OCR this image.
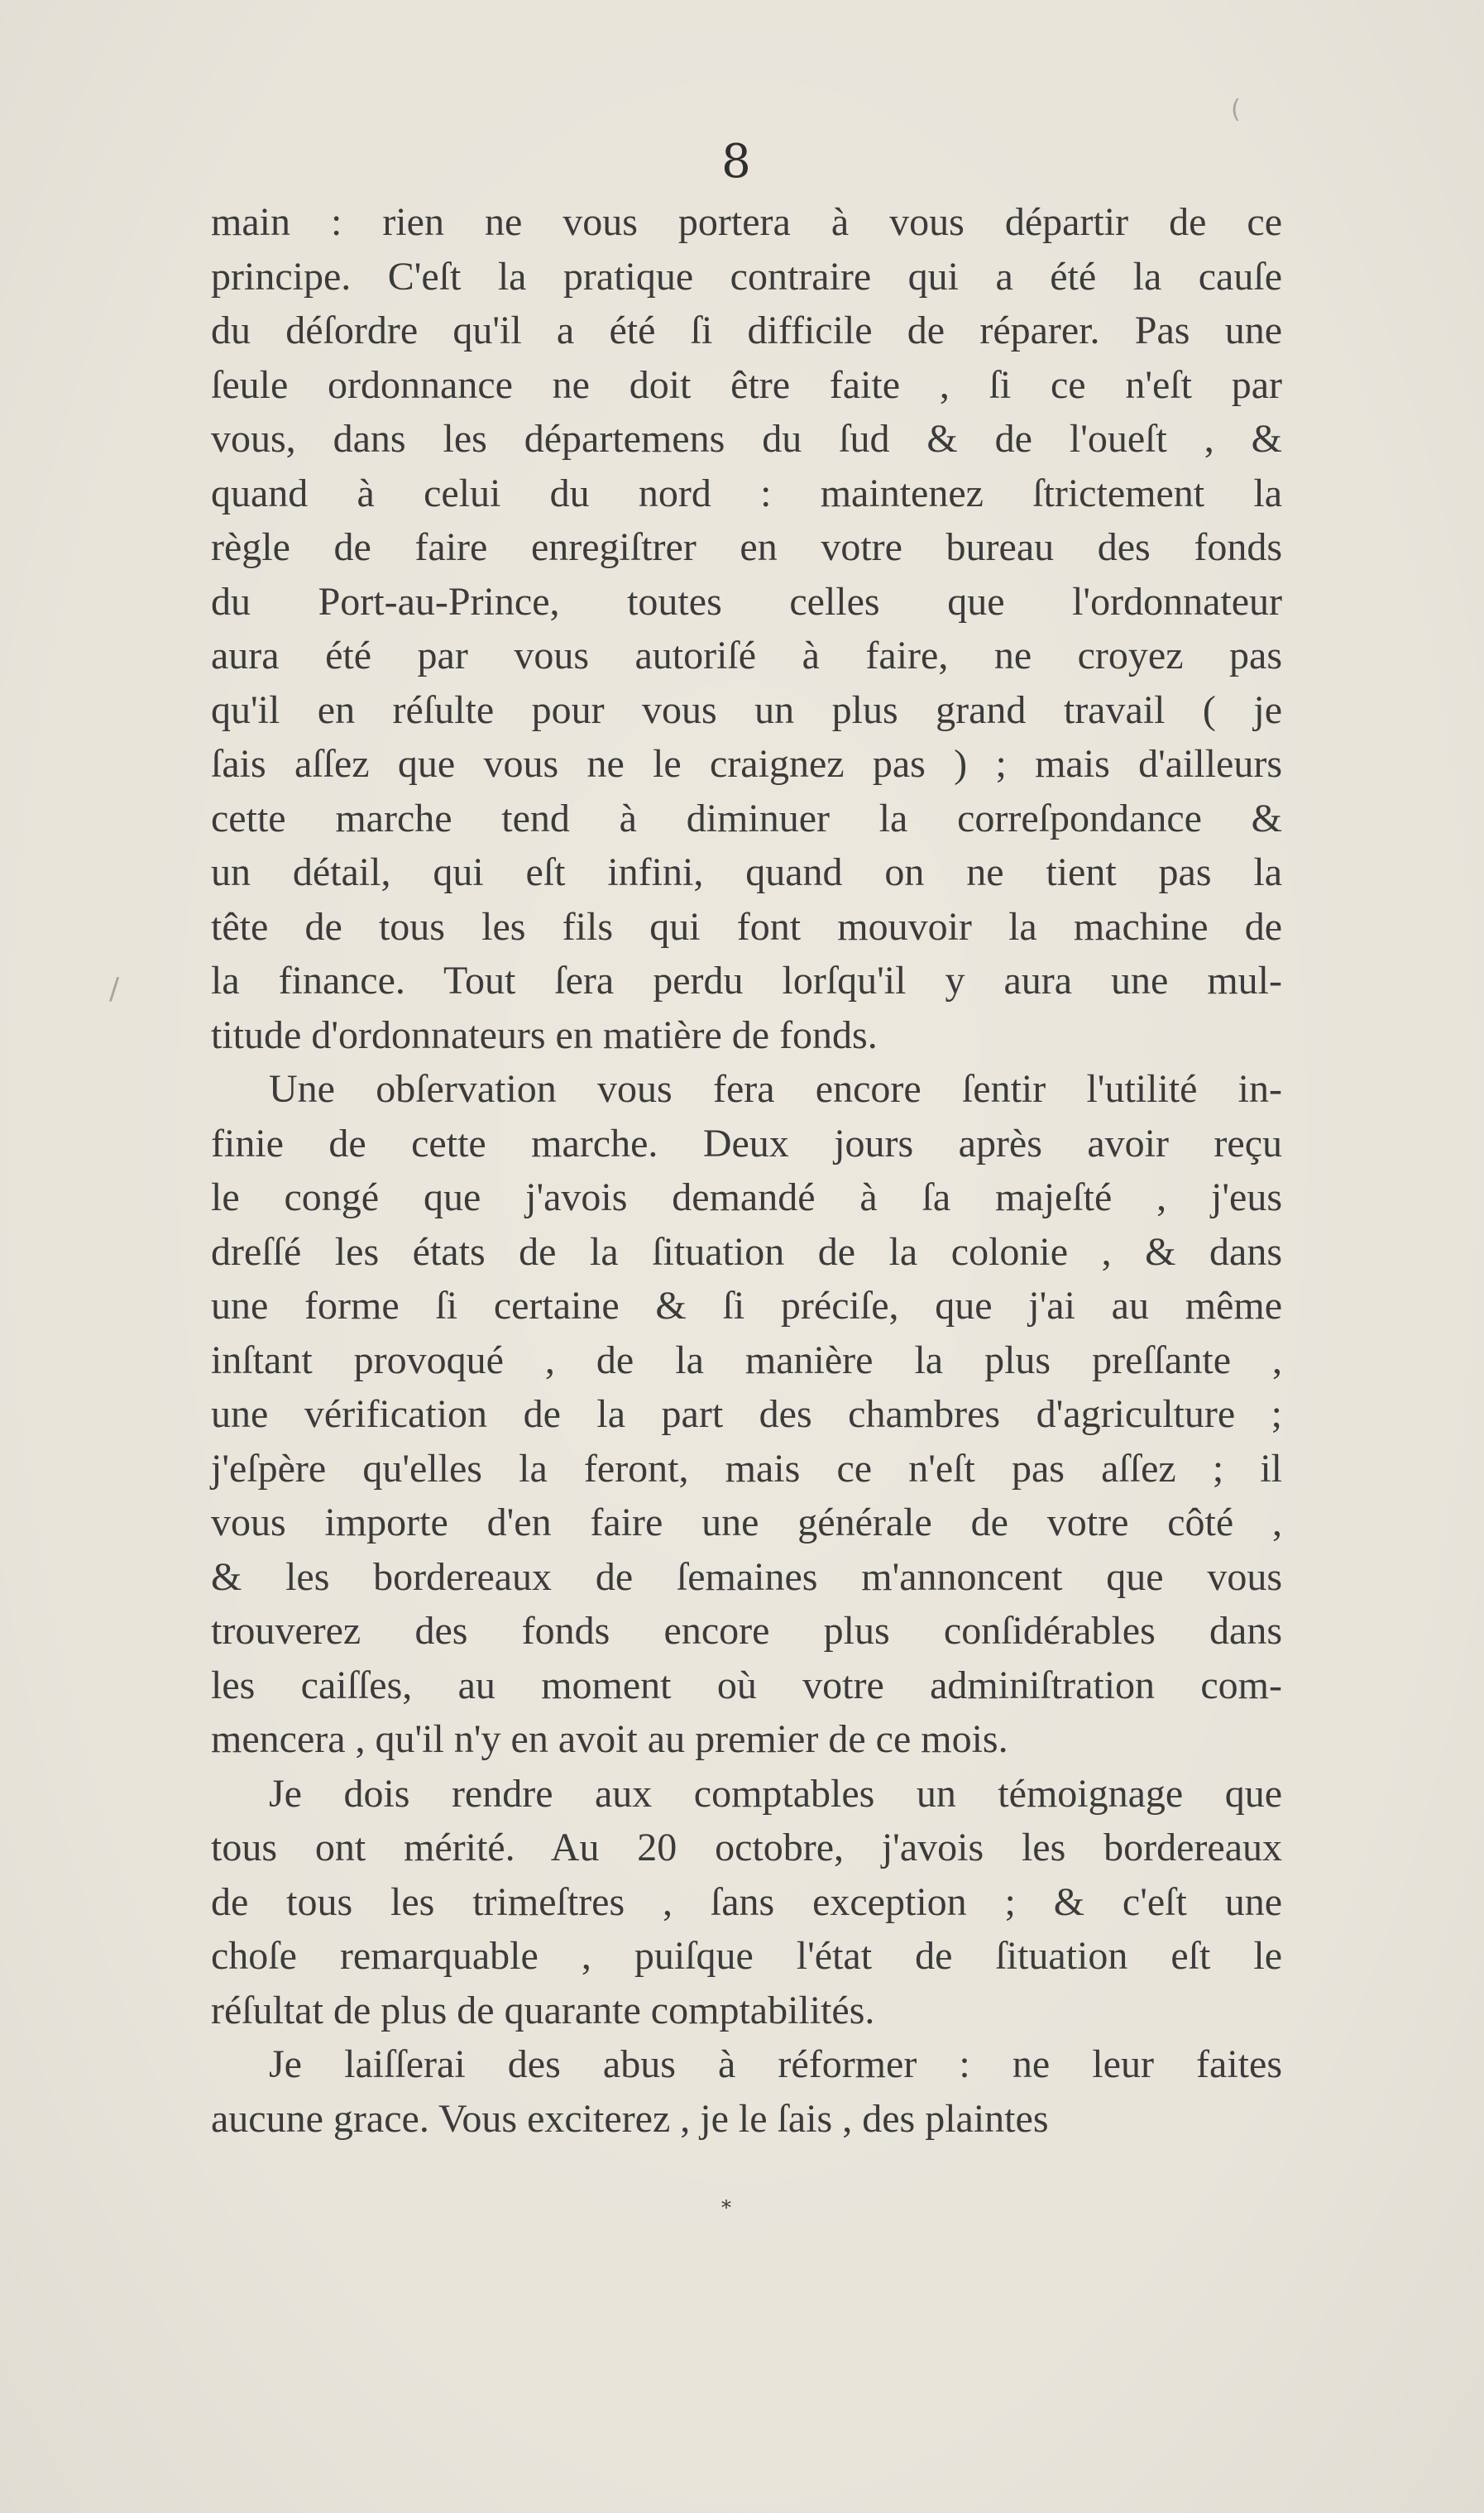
8
/
(
main : rien ne vous portera à vous départir de ce
principe. C'eſt la pratique contraire qui a été la cauſe
du déſordre qu'il a été ſi difficile de réparer. Pas une
ſeule ordonnance ne doit être faite , ſi ce n'eſt par
vous, dans les départemens du ſud & de l'oueſt , &
quand à celui du nord : maintenez ſtrictement la
règle de faire enregiſtrer en votre bureau des fonds
du Port-au-Prince, toutes celles que l'ordonnateur
aura été par vous autoriſé à faire, ne croyez pas
qu'il en réſulte pour vous un plus grand travail ( je
ſais aſſez que vous ne le craignez pas ) ; mais d'ailleurs
cette marche tend à diminuer la correſpondance &
un détail, qui eſt infini, quand on ne tient pas la
tête de tous les fils qui font mouvoir la machine de
la finance. Tout ſera perdu lorſqu'il y aura une mul-
titude d'ordonnateurs en matière de fonds.
Une obſervation vous fera encore ſentir l'utilité in-
finie de cette marche. Deux jours après avoir reçu
le congé que j'avois demandé à ſa majeſté , j'eus
dreſſé les états de la ſituation de la colonie , & dans
une forme ſi certaine & ſi préciſe, que j'ai au même
inſtant provoqué , de la manière la plus preſſante ,
une vérification de la part des chambres d'agriculture ;
j'eſpère qu'elles la feront, mais ce n'eſt pas aſſez ; il
vous importe d'en faire une générale de votre côté ,
& les bordereaux de ſemaines m'annoncent que vous
trouverez des fonds encore plus conſidérables dans
les caiſſes, au moment où votre adminiſtration com-
mencera , qu'il n'y en avoit au premier de ce mois.
Je dois rendre aux comptables un témoignage que
tous ont mérité. Au 20 octobre, j'avois les bordereaux
de tous les trimeſtres , ſans exception ; & c'eſt une
choſe remarquable , puiſque l'état de ſituation eſt le
réſultat de plus de quarante comptabilités.
Je laiſſerai des abus à réformer : ne leur faites
aucune grace. Vous exciterez , je le ſais , des plaintes
*
